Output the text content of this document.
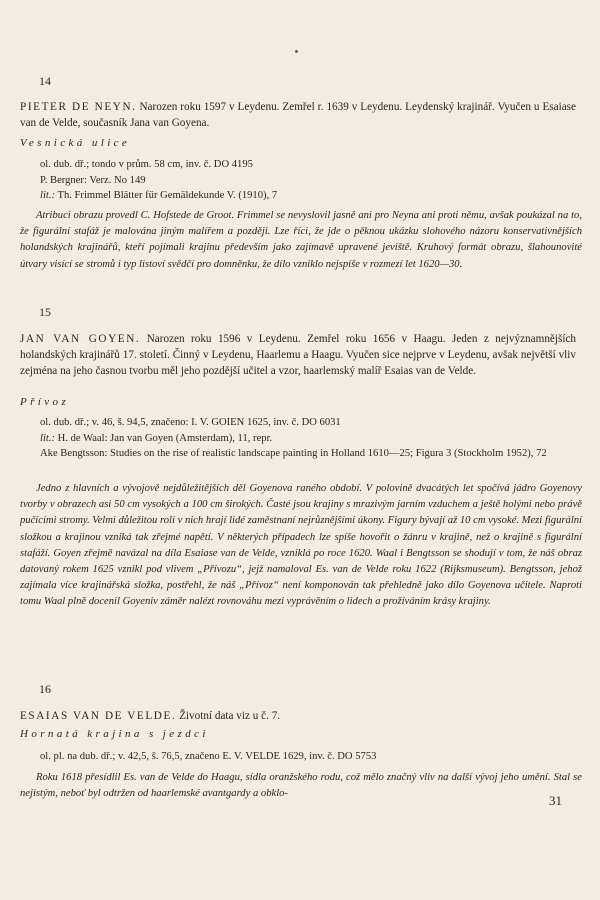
14
PIETER DE NEYN. Narozen roku 1597 v Leydenu. Zemřel r. 1639 v Leydenu. Leydenský krajinář. Vyučen u Esaiase van de Velde, současník Jana van Goyena.
Vesnická ulice
ol. dub. dř.; tondo v prům. 58 cm, inv. č. DO 4195
P. Bergner: Verz. No 149
lit.: Th. Frimmel Blätter für Gemäldekunde V. (1910), 7
Atribuci obrazu provedl C. Hofstede de Groot. Frimmel se nevyslovil jasně ani pro Neyna ani proti němu, avšak poukázal na to, že figurální stafáž je malována jiným malířem a později. Lze říci, že jde o pěknou ukázku slohového názoru konservativnějších holandských krajinářů, kteří pojímali krajinu především jako zajímavě upravené jeviště. Kruhový formát obrazu, šlahounovité útvary visící se stromů i typ listoví svědčí pro domněnku, že dílo vzniklo nejspíše v rozmezí let 1620—30.
15
JAN VAN GOYEN. Narozen roku 1596 v Leydenu. Zemřel roku 1656 v Haagu. Jeden z nejvýznamnějších holandských krajinářů 17. století. Činný v Leydenu, Haarlemu a Haagu. Vyučen sice nejprve v Leydenu, avšak největší vliv zejména na jeho časnou tvorbu měl jeho pozdější učitel a vzor, haarlemský malíř Esaias van de Velde.
Přívoz
ol. dub. dř.; v. 46, š. 94,5, značeno: I. V. GOIEN 1625, inv. č. DO 6031
lit.: H. de Waal: Jan van Goyen (Amsterdam), 11, repr.
Ake Bengtsson: Studies on the rise of realistic landscape painting in Holland 1610—25; Figura 3 (Stockholm 1952), 72
Jedno z hlavních a vývojově nejdůležitějších děl Goyenova raného období. V polovině dvacátých let spočívá jádro Goyenovy tvorby v obrazech asi 50 cm vysokých a 100 cm širokých. Časté jsou krajiny s mrazivým jarním vzduchem a ještě holými nebo právě pučícími stromy. Velmi důležitou roli v nich hrají lidé zaměstnaní nejrůznějšími úkony. Figury bývají až 10 cm vysoké. Mezi figurální složkou a krajinou vzniká tak zřejmé napětí. V některých případech lze spíše hovořit o žánru v krajině, než o krajině s figurální stafáží. Goyen zřejmě navázal na díla Esaiase van de Velde, vzniklá po roce 1620. Waal i Bengtsson se shodují v tom, že náš obraz datovaný rokem 1625 vznikl pod vlivem „Přívozu“, jejž namaloval Es. van de Velde roku 1622 (Rijksmuseum). Bengtsson, jehož zajímala více krajinářská složka, postřehl, že náš „Přívoz“ není komponován tak přehledně jako dílo Goyenova učitele. Naproti tomu Waal plně docenil Goyeniv záměr nalézt rovnováhu mezi vyprávěním o lidech a prožíváním krásy krajiny.
16
ESAIAS VAN DE VELDE. Životní data viz u č. 7.
Hornatá krajina s jezdci
ol. pl. na dub. dř.; v. 42,5, š. 76,5, značeno E. V. VELDE 1629, inv. č. DO 5753
Roku 1618 přesídlil Es. van de Velde do Haagu, sídla oranžského rodu, což mělo značný vliv na další vývoj jeho umění. Stal se nejistým, neboť byl odtržen od haarlemské avantgardy a obklo-	31
